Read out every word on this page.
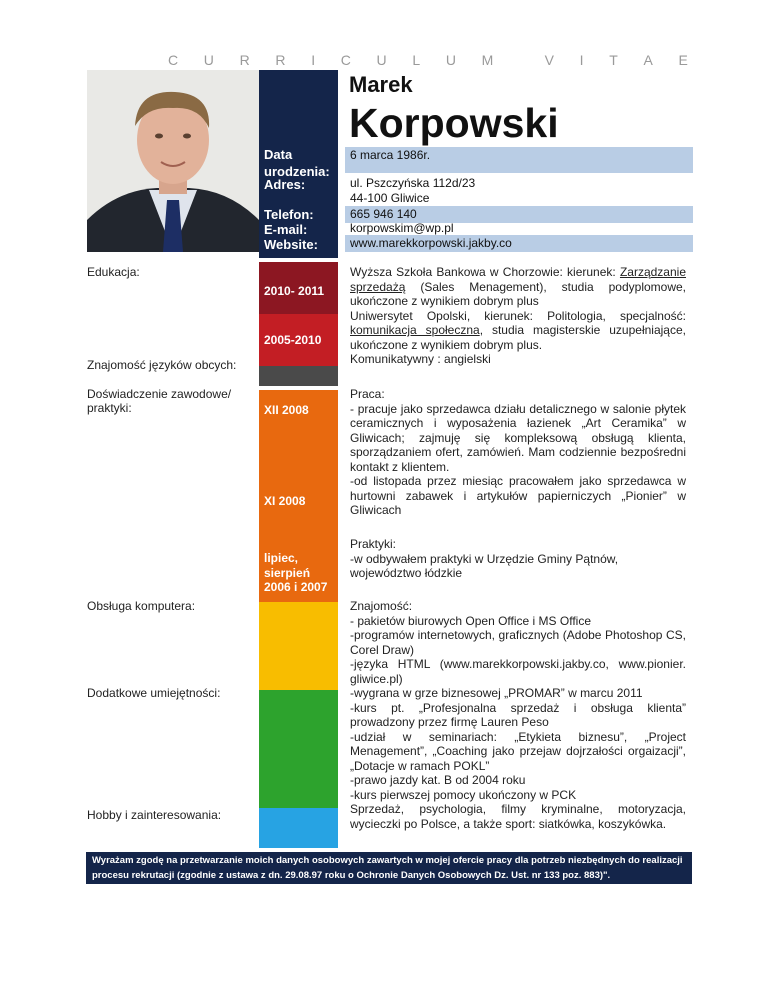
C U R R I C U L U M	V I T A E
Data
urodzenia:
Adres:
Telefon:
E-mail:
Website:
Marek
Korpowski
6 marca 1986r.
ul. Pszczyńska 112d/23
44-100 Gliwice
665 946 140
korpowskim@wp.pl
www.marekkorpowski.jakby.co
Edukacja:
Znajomość języków obcych:
Doświadczenie zawodowe/
praktyki:
Obsługa komputera:
Dodatkowe umiejętności:
Hobby i zainteresowania:
2010- 2011
2005-2010
XII 2008
XI 2008
lipiec,
sierpień
2006 i 2007

Wyższa Szkoła Bankowa w Chorzowie: kierunek: Zarządzanie sprzedażą (Sales Menagement), studia podyplomowe, ukończone z wynikiem dobrym plus

Uniwersytet Opolski, kierunek: Politologia, specjalność: komunikacja społeczna, studia magisterskie uzupełniające, ukończone z wynikiem dobrym plus.

Komunikatywny : angielski

Praca:

- pracuje jako sprzedawca działu detalicznego w salonie płytek ceramicznych i wyposażenia łazienek „Art Ceramika” w Gliwicach; zajmuję się kompleksową obsługą klienta, sporządzaniem ofert, zamówień. Mam codziennie bezpośredni kontakt z klientem.

-od listopada przez miesiąc pracowałem jako sprzedawca w hurtowni zabawek i artykułów papierniczych „Pionier” w Gliwicach

Praktyki:

-w odbywałem praktyki w Urzędzie Gminy Pątnów, województwo łódzkie

Znajomość:

- pakietów biurowych Open Office i MS Office

-programów internetowych, graficznych (Adobe Photoshop CS, Corel Draw)

-języka HTML (www.marekkorpowski.jakby.co, www.pionier. gliwice.pl)

-wygrana w grze biznesowej „PROMAR” w marcu 2011

-kurs pt. „Profesjonalna sprzedaż i obsługa klienta” prowadzony przez firmę Lauren Peso

-udział w seminariach: „Etykieta biznesu”, „Project Menagement”, „Coaching jako przejaw dojrzałości orgaizacji”, „Dotacje w ramach POKL”

-prawo jazdy kat. B od 2004 roku

-kurs pierwszej pomocy ukończony w PCK

Sprzedaż, psychologia, filmy kryminalne, motoryzacja, wycieczki po Polsce, a także sport: siatkówka, koszykówka.

Wyrażam zgodę na przetwarzanie moich danych osobowych zawartych w mojej ofercie pracy dla potrzeb niezbędnych do realizacji procesu rekrutacji (zgodnie z ustawa z dn. 29.08.97 roku o Ochronie Danych Osobowych Dz. Ust. nr 133 poz. 883)".
